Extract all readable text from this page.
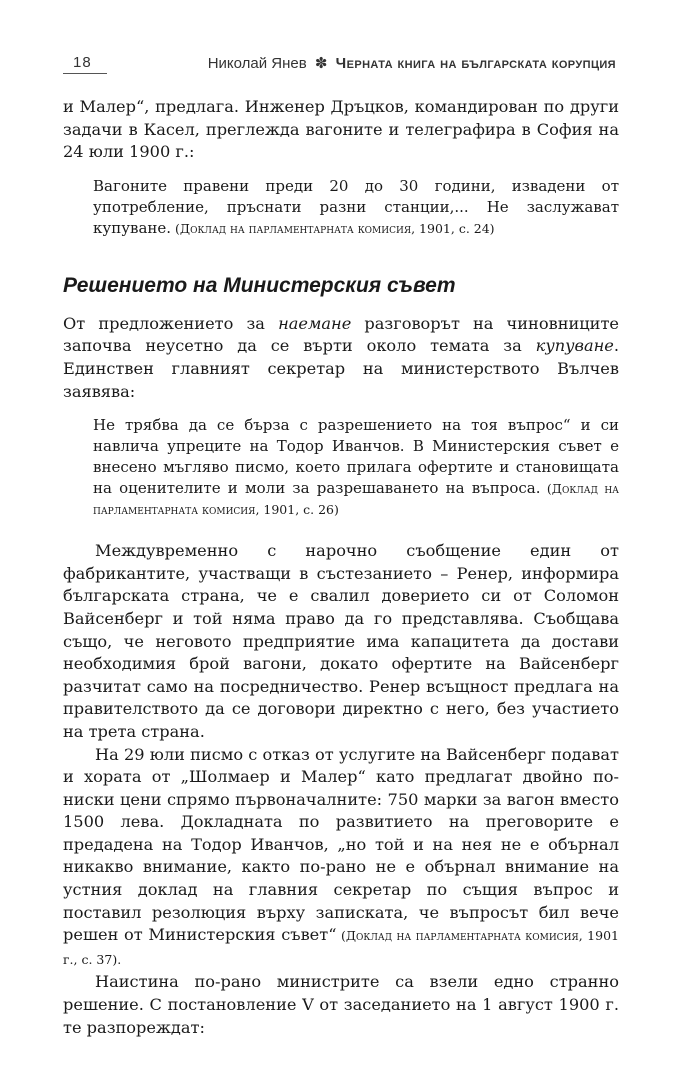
18	Николай Янев ✽ Черната книга на българската корупция

и Малер“, предлага. Инженер Дръцков, командирован по други задачи в Касел, преглежда вагоните и телеграфира в София на 24 юли 1900 г.:

Вагоните правени преди 20 до 30 години, извадени от употребление, пръснати разни станции,... Не заслужават купуване. (Доклад на парламентарната комисия, 1901, с. 24)

Решението на Министерския съвет

От предложението за наемане разговорът на чиновниците започва неусетно да се върти около темата за купуване. Единствен главният секретар на министерството Вълчев заявява:

Не трябва да се бърза с разрешението на тоя въпрос“ и си навлича упреците на Тодор Иванчов. В Министерския съвет е внесено мъгляво писмо, което прилага офертите и становищата на оценителите и моли за разрешаването на въпроса. (Доклад на парламентарната комисия, 1901, с. 26)

Междувременно с нарочно съобщение един от фабрикантите, участващи в състезанието – Ренер, информира българската страна, че е свалил доверието си от Соломон Вайсенберг и той няма право да го представлява. Съобщава също, че неговото предприятие има капацитета да достави необходимия брой вагони, докато офертите на Вайсенберг разчитат само на посредничество. Ренер всъщност предлага на правителството да се договори директно с него, без участието на трета страна.

На 29 юли писмо с отказ от услугите на Вайсенберг подават и хората от „Шолмаер и Малер“ като предлагат двойно по-ниски цени спрямо първоначалните: 750 марки за вагон вместо 1500 лева. Докладната по развитието на преговорите е предадена на Тодор Иванчов, „но той и на нея не е обърнал никакво внимание, както по-рано не е обърнал внимание на устния доклад на главния секретар по същия въпрос и поставил резолюция върху записката, че въпросът бил вече решен от Министерския съвет“ (Доклад на парламентарната комисия, 1901 г., с. 37).

Наистина по-рано министрите са взели едно странно решение. С постановление V от заседанието на 1 август 1900 г. те разпореждат:
